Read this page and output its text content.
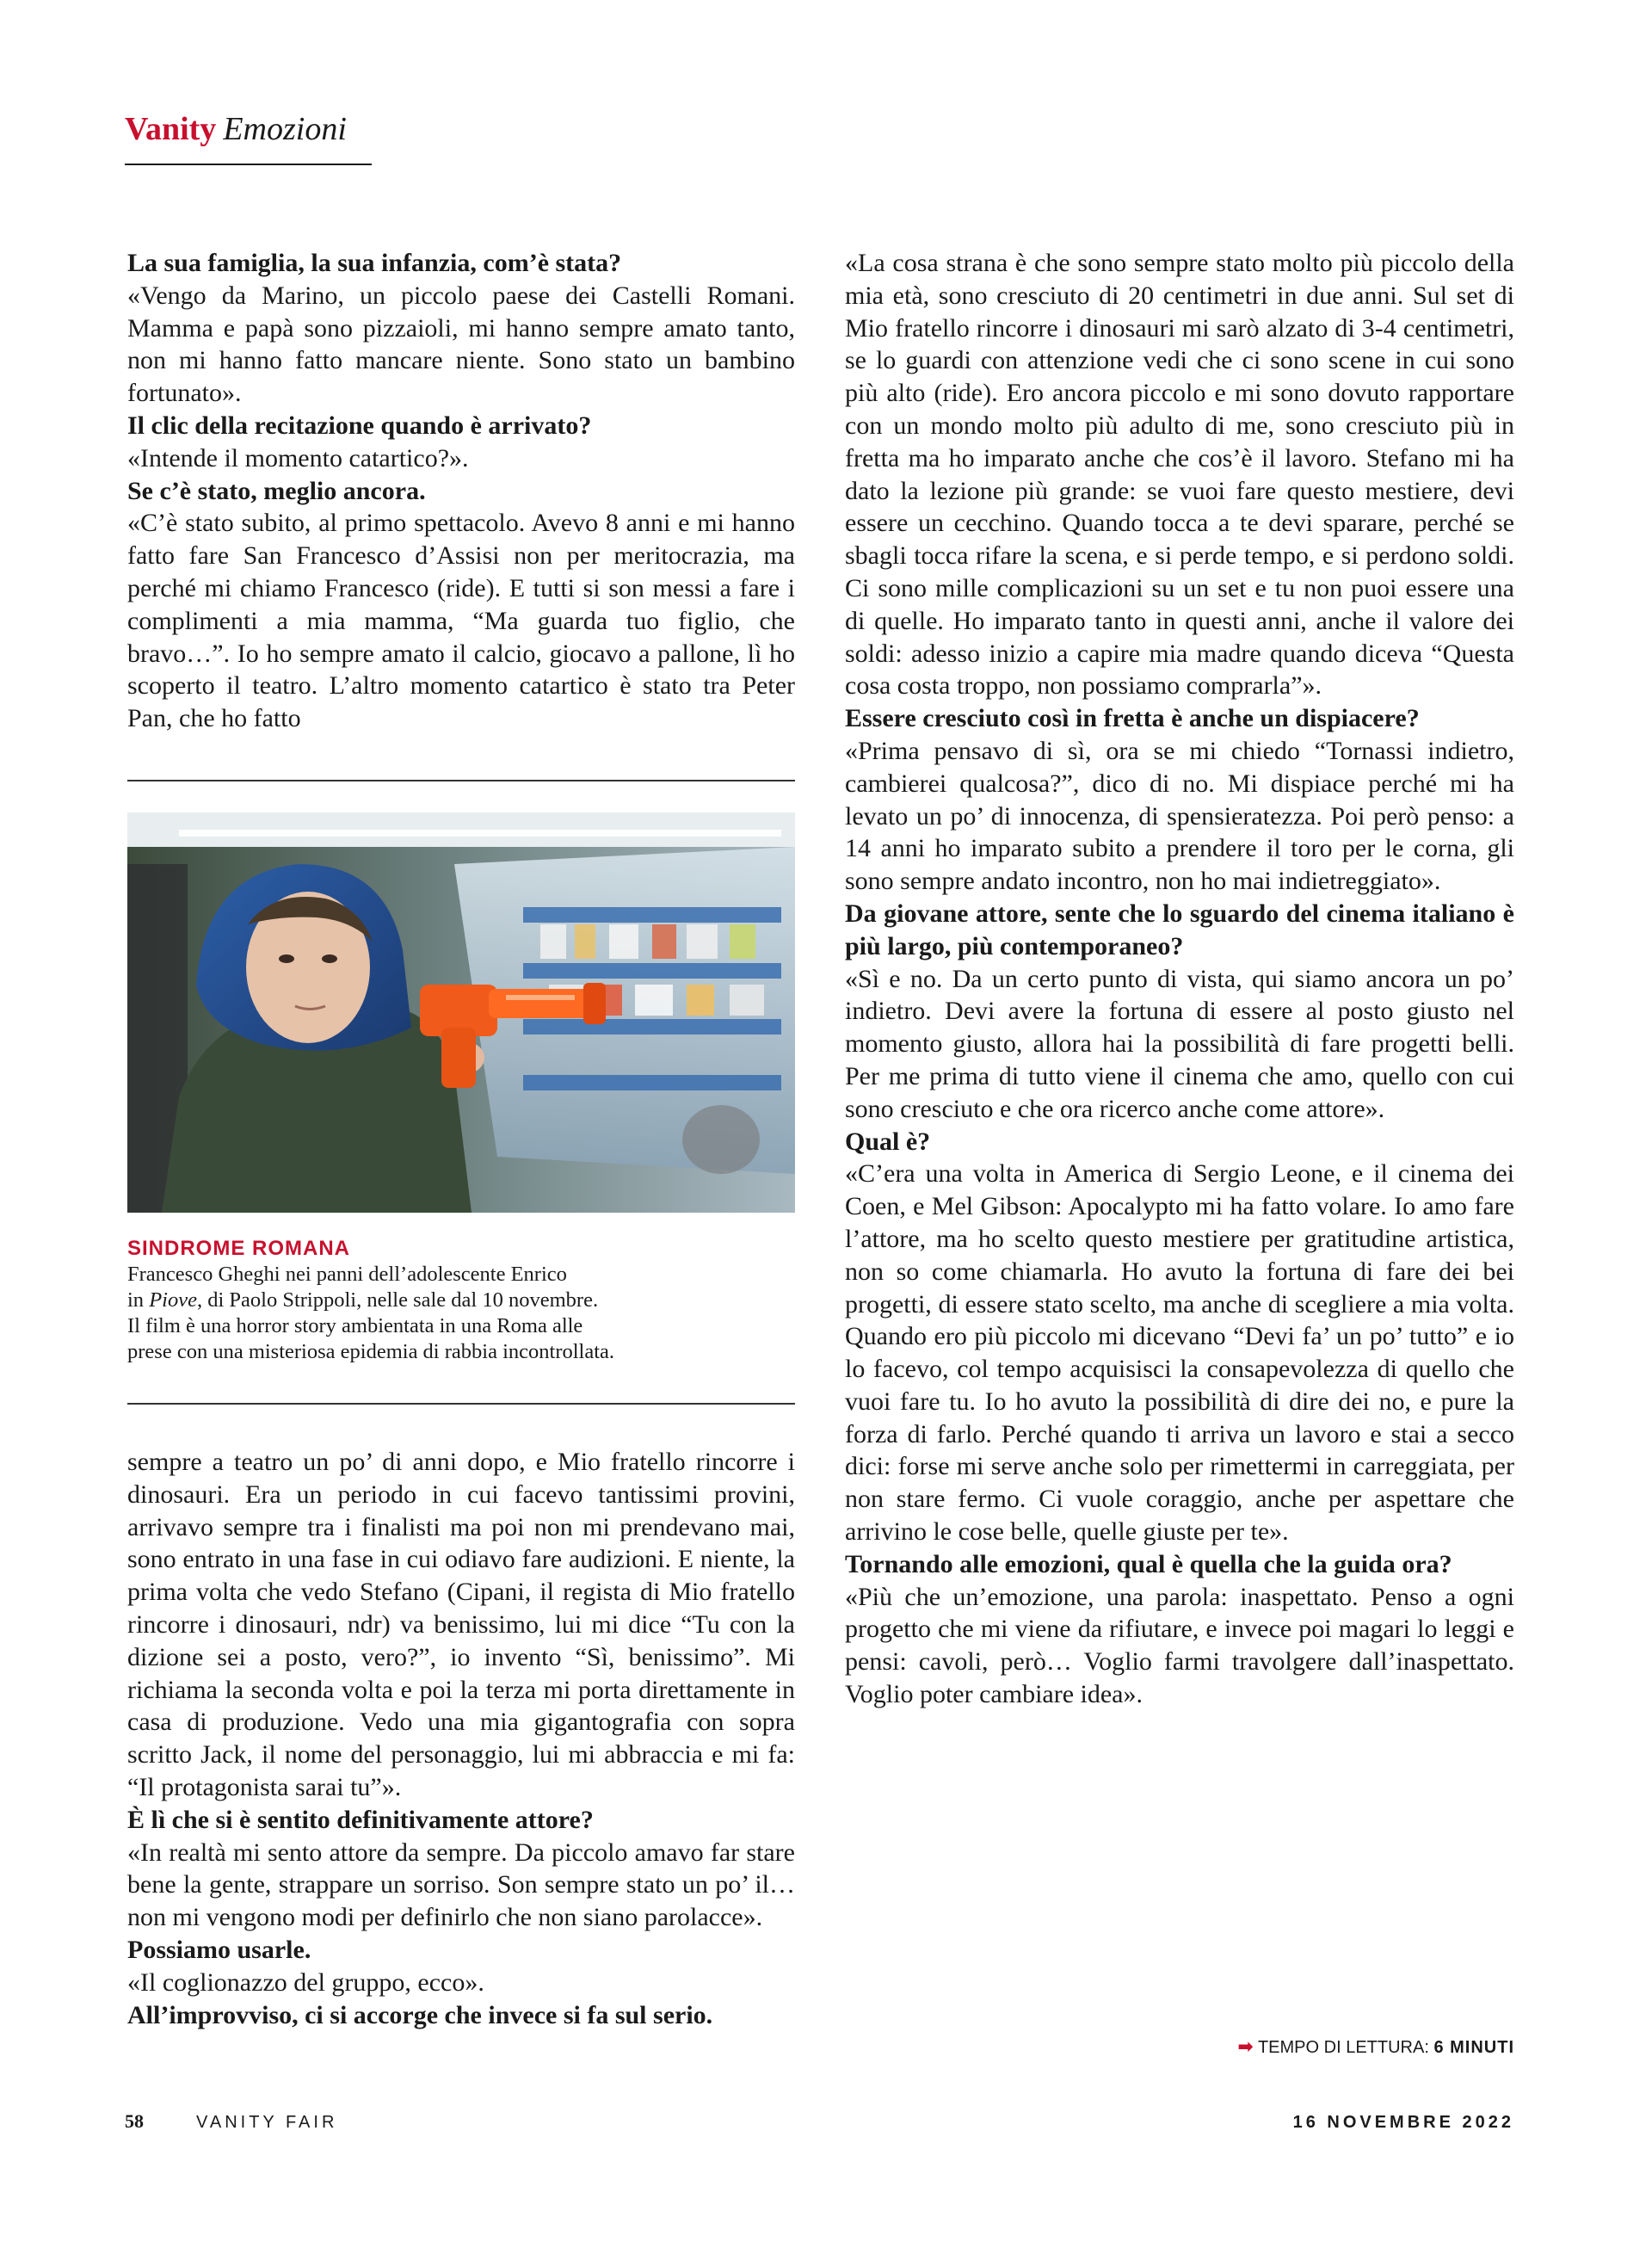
Vanity Emozioni

La sua famiglia, la sua infanzia, com’è stata?

«Vengo da Marino, un piccolo paese dei Castelli Romani. Mamma e papà sono pizzaioli, mi hanno sempre amato tanto, non mi hanno fatto mancare niente. Sono stato un bambino fortunato».

Il clic della recitazione quando è arrivato?

«Intende il momento catartico?».

Se c’è stato, meglio ancora.

«C’è stato subito, al primo spettacolo. Avevo 8 anni e mi hanno fatto fare San Francesco d’Assisi non per meritocrazia, ma perché mi chiamo Francesco (ride). E tutti si son messi a fare i complimenti a mia mamma, “Ma guarda tuo figlio, che bravo…”. Io ho sempre amato il calcio, giocavo a pallone, lì ho scoperto il teatro. L’altro momento catartico è stato tra Peter Pan, che ho fatto

SINDROME ROMANA
Francesco Gheghi nei panni dell’adolescente Enrico
in Piove, di Paolo Strippoli, nelle sale dal 10 novembre.
Il film è una horror story ambientata in una Roma alle
prese con una misteriosa epidemia di rabbia incontrollata.

sempre a teatro un po’ di anni dopo, e Mio fratello rincorre i dinosauri. Era un periodo in cui facevo tantissimi provini, arrivavo sempre tra i finalisti ma poi non mi prendevano mai, sono entrato in una fase in cui odiavo fare audizioni. E niente, la prima volta che vedo Stefano (Cipani, il regista di Mio fratello rincorre i dinosauri, ndr) va benissimo, lui mi dice “Tu con la dizione sei a posto, vero?”, io invento “Sì, benissimo”. Mi richiama la seconda volta e poi la terza mi porta direttamente in casa di produzione. Vedo una mia gigantografia con sopra scritto Jack, il nome del personaggio, lui mi abbraccia e mi fa: “Il protagonista sarai tu”».

È lì che si è sentito definitivamente attore?

«In realtà mi sento attore da sempre. Da piccolo amavo far stare bene la gente, strappare un sorriso. Son sempre stato un po’ il… non mi vengono modi per definirlo che non siano parolacce».

Possiamo usarle.

«Il coglionazzo del gruppo, ecco».

All’improvviso, ci si accorge che invece si fa sul serio.

«La cosa strana è che sono sempre stato molto più piccolo della mia età, sono cresciuto di 20 centimetri in due anni. Sul set di Mio fratello rincorre i dinosauri mi sarò alzato di 3-4 centimetri, se lo guardi con attenzione vedi che ci sono scene in cui sono più alto (ride). Ero ancora piccolo e mi sono dovuto rapportare con un mondo molto più adulto di me, sono cresciuto più in fretta ma ho imparato anche che cos’è il lavoro. Stefano mi ha dato la lezione più grande: se vuoi fare questo mestiere, devi essere un cecchino. Quando tocca a te devi sparare, perché se sbagli tocca rifare la scena, e si perde tempo, e si perdono soldi. Ci sono mille complicazioni su un set e tu non puoi essere una di quelle. Ho imparato tanto in questi anni, anche il valore dei soldi: adesso inizio a capire mia madre quando diceva “Questa cosa costa troppo, non possiamo comprarla”».

Essere cresciuto così in fretta è anche un dispiacere?

«Prima pensavo di sì, ora se mi chiedo “Tornassi indietro, cambierei qualcosa?”, dico di no. Mi dispiace perché mi ha levato un po’ di innocenza, di spensieratezza. Poi però penso: a 14 anni ho imparato subito a prendere il toro per le corna, gli sono sempre andato incontro, non ho mai indietreggiato».

Da giovane attore, sente che lo sguardo del cinema italiano è più largo, più contemporaneo?

«Sì e no. Da un certo punto di vista, qui siamo ancora un po’ indietro. Devi avere la fortuna di essere al posto giusto nel momento giusto, allora hai la possibilità di fare progetti belli. Per me prima di tutto viene il cinema che amo, quello con cui sono cresciuto e che ora ricerco anche come attore».

Qual è?

«C’era una volta in America di Sergio Leone, e il cinema dei Coen, e Mel Gibson: Apocalypto mi ha fatto volare. Io amo fare l’attore, ma ho scelto questo mestiere per gratitudine artistica, non so come chiamarla. Ho avuto la fortuna di fare dei bei progetti, di essere stato scelto, ma anche di scegliere a mia volta. Quando ero più piccolo mi dicevano “Devi fa’ un po’ tutto” e io lo facevo, col tempo acquisisci la consapevolezza di quello che vuoi fare tu. Io ho avuto la possibilità di dire dei no, e pure la forza di farlo. Perché quando ti arriva un lavoro e stai a secco dici: forse mi serve anche solo per rimettermi in carreggiata, per non stare fermo. Ci vuole coraggio, anche per aspettare che arrivino le cose belle, quelle giuste per te».

Tornando alle emozioni, qual è quella che la guida ora?

«Più che un’emozione, una parola: inaspettato. Penso a ogni progetto che mi viene da rifiutare, e invece poi magari lo leggi e pensi: cavoli, però… Voglio farmi travolgere dall’inaspettato. Voglio poter cambiare idea».

➡ TEMPO DI LETTURA: 6 MINUTI
58	VANITY FAIR	16 NOVEMBRE 2022
